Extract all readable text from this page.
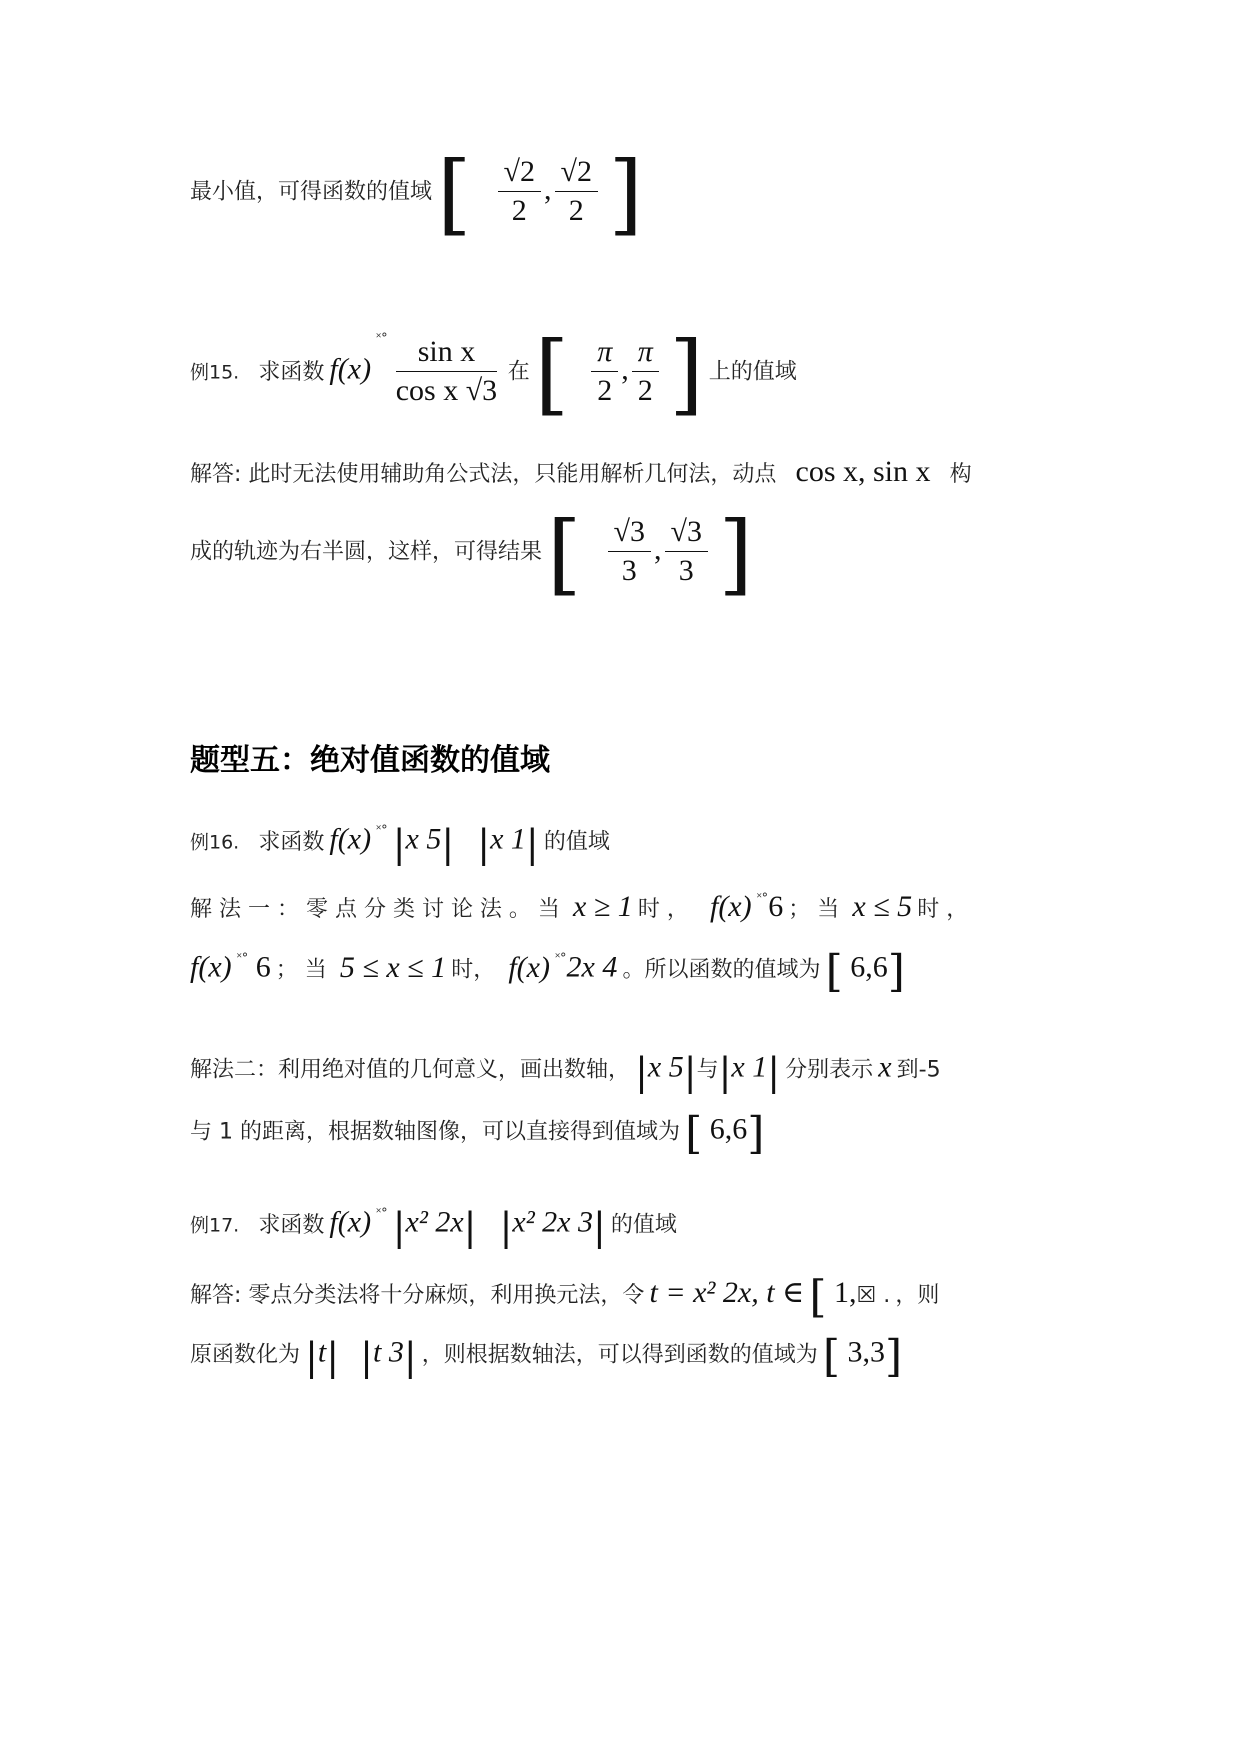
最小值，可得函数的值域 [ $\frac{√2}{2}$ , $\frac{√2}{2}$ ]
例15. 求函数 f(x) $^{˟^\circ} \frac{\text{sin x}}{\text{cos x √3}}$ 在 [ $\frac{\pi}{2}$ , $\frac{\pi}{2}$ ] 上的值域
解答: 此时无法使用辅助角公式法，只能用解析几何法，动点 cos x, sin x 构
成的轨迹为右半圆，这样，可得结果 [ $\frac{√3}{3}$ , $\frac{√3}{3}$ ]
题型五：绝对值函数的值域
例16. 求函数 f(x) ˟° |x 5| |x 1| 的值域
解 法 一 ： 零 点 分 类 讨 论 法 。 当 x ≥ 1 时 ， f(x) ˟°6 ； 当 x ≤ 5 时 ，
f(x) ˟° 6 ； 当 5 ≤ x ≤ 1 时， f(x) ˟°2x 4 。所以函数的值域为 [ 6,6]
解法二：利用绝对值的几何意义，画出数轴， |x 5|与|x 1| 分别表示 x 到-5
与 1 的距离，根据数轴图像，可以直接得到值域为 [ 6,6]
例17. 求函数 f(x) ˟° |x² 2x| |x² 2x 3| 的值域
解答: 零点分类法将十分麻烦，利用换元法，令 t = x² 2x, t ∈ [ 1,☒ . ，则
原函数化为 |t| |t 3| ，则根据数轴法，可以得到函数的值域为 [ 3,3]
